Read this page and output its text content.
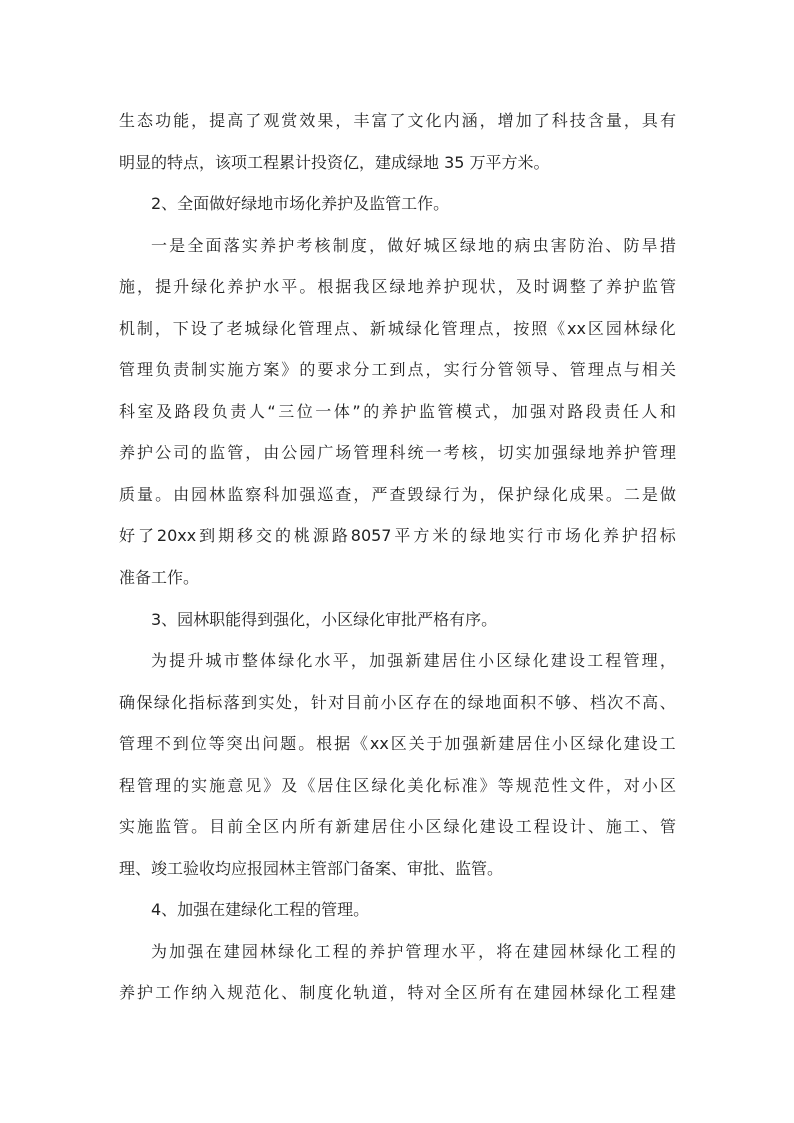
生 态 功 能 ， 提 高 了 观 赏 效 果 ， 丰 富 了 文 化 内 涵 ， 增 加 了 科 技 含 量 ， 具 有
明显的特点，该项工程累计投资亿，建成绿地 35 万平方米。
2、全面做好绿地市场化养护及监管工作。
一 是 全 面 落 实 养 护 考 核 制 度 ， 做 好 城 区 绿 地 的 病 虫 害 防 治 、 防 旱 措
施 ， 提 升 绿 化 养 护 水 平 。 根 据 我 区 绿 地 养 护 现 状 ， 及 时 调 整 了 养 护 监 管
机 制 ， 下 设 了 老 城 绿 化 管 理 点 、 新 城 绿 化 管 理 点 ， 按 照 《 xx 区 园 林 绿 化
管 理 负 责 制 实 施 方 案 》 的 要 求 分 工 到 点 ， 实 行 分 管 领 导 、 管 理 点 与 相 关
科 室 及 路 段 负 责 人 “ 三 位 一 体 ” 的 养 护 监 管 模 式 ， 加 强 对 路 段 责 任 人 和
养 护 公 司 的 监 管 ， 由 公 园 广 场 管 理 科 统 一 考 核 ， 切 实 加 强 绿 地 养 护 管 理
质 量 。 由 园 林 监 察 科 加 强 巡 查 ， 严 查 毁 绿 行 为 ， 保 护 绿 化 成 果 。 二 是 做
好 了 20xx 到 期 移 交 的 桃 源 路 8057 平 方 米 的 绿 地 实 行 市 场 化 养 护 招 标
准备工作。
3、园林职能得到强化，小区绿化审批严格有序。
为 提 升 城 市 整 体 绿 化 水 平 ， 加 强 新 建 居 住 小 区 绿 化 建 设 工 程 管 理 ，
确 保 绿 化 指 标 落 到 实 处 ， 针 对 目 前 小 区 存 在 的 绿 地 面 积 不 够 、 档 次 不 高 、
管 理 不 到 位 等 突 出 问 题 。 根 据 《 xx 区 关 于 加 强 新 建 居 住 小 区 绿 化 建 设 工
程 管 理 的 实 施 意 见 》 及 《 居 住 区 绿 化 美 化 标 准 》 等 规 范 性 文 件 ， 对 小 区
实 施 监 管 。 目 前 全 区 内 所 有 新 建 居 住 小 区 绿 化 建 设 工 程 设 计 、 施 工 、 管
理、竣工验收均应报园林主管部门备案、审批、监管。
4、加强在建绿化工程的管理。
为 加 强 在 建 园 林 绿 化 工 程 的 养 护 管 理 水 平 ， 将 在 建 园 林 绿 化 工 程 的
养 护 工 作 纳 入 规 范 化 、 制 度 化 轨 道 ， 特 对 全 区 所 有 在 建 园 林 绿 化 工 程 建
